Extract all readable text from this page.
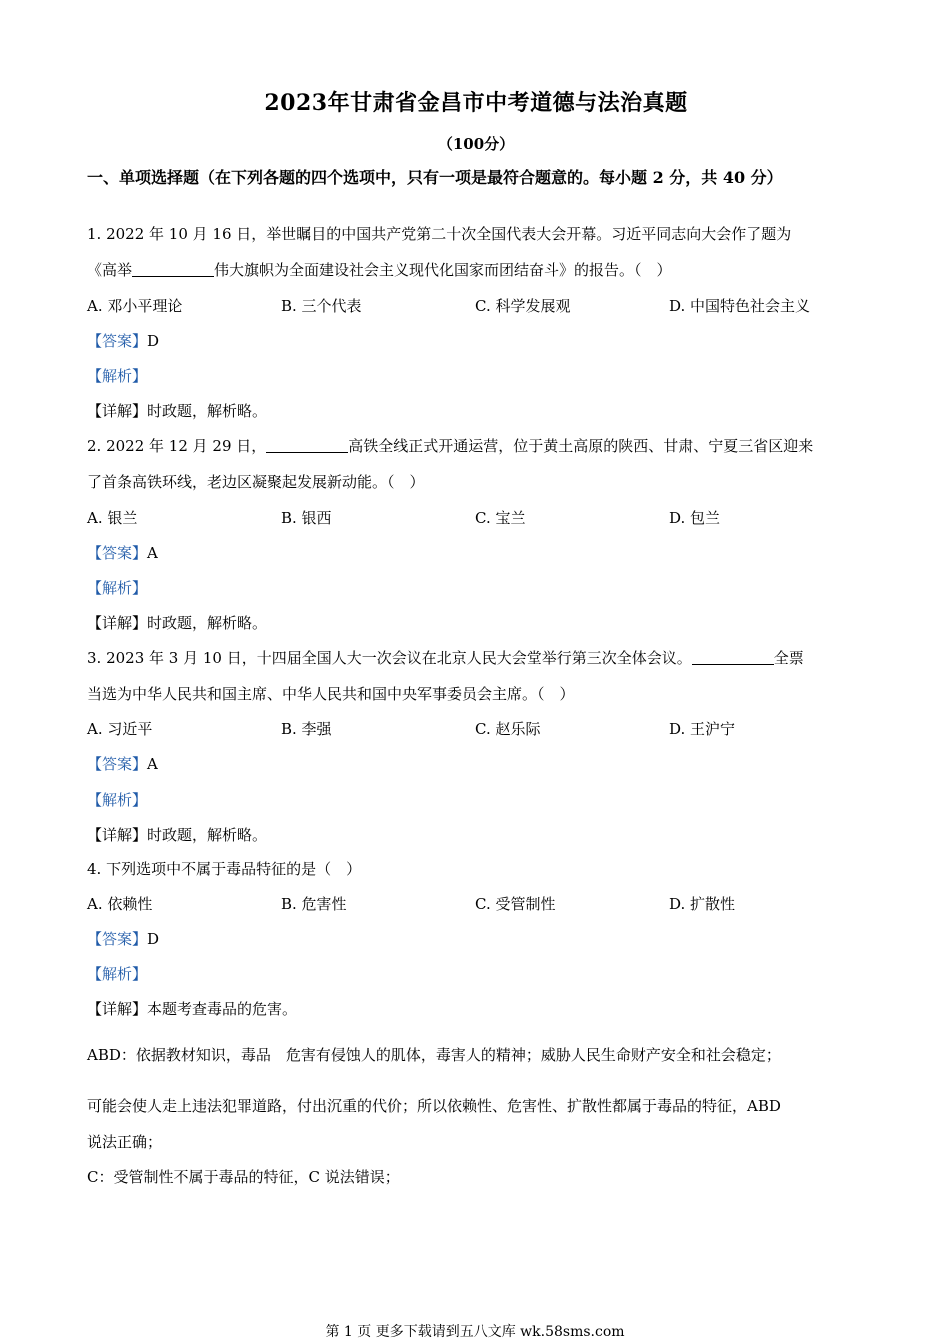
2023年甘肃省金昌市中考道德与法治真题
（100分）
一、单项选择题（在下列各题的四个选项中，只有一项是最符合题意的。每小题 2 分，共 40 分）
1. 2022 年 10 月 16 日，举世瞩目的中国共产党第二十次全国代表大会开幕。习近平同志向大会作了题为
《高举	伟大旗帜为全面建设社会主义现代化国家而团结奋斗》的报告。（　）
A. 邓小平理论	B. 三个代表	C. 科学发展观	D. 中国特色社会主义
【答案】D
【解析】
【详解】时政题，解析略。
2. 2022 年 12 月 29 日，	高铁全线正式开通运营，位于黄土高原的陕西、甘肃、宁夏三省区迎来
了首条高铁环线，老边区凝聚起发展新动能。（　）
A. 银兰	B. 银西	C. 宝兰	D. 包兰
【答案】A
【解析】
【详解】时政题，解析略。
3. 2023 年 3 月 10 日，十四届全国人大一次会议在北京人民大会堂举行第三次全体会议。	全票
当选为中华人民共和国主席、中华人民共和国中央军事委员会主席。（　）
A. 习近平	B. 李强	C. 赵乐际	D. 王沪宁
【答案】A
【解析】
【详解】时政题，解析略。
4. 下列选项中不属于毒品特征的是（　）
A. 依赖性	B. 危害性	C. 受管制性	D. 扩散性
【答案】D
【解析】
【详解】本题考查毒品的危害。
ABD：依据教材知识，毒品　危害有侵蚀人的肌体，毒害人的精神；威胁人民生命财产安全和社会稳定；
可能会使人走上违法犯罪道路，付出沉重的代价；所以依赖性、危害性、扩散性都属于毒品的特征，ABD
说法正确；
C：受管制性不属于毒品的特征，C 说法错误；
第 1 页 更多下载请到五八文库 wk.58sms.com
